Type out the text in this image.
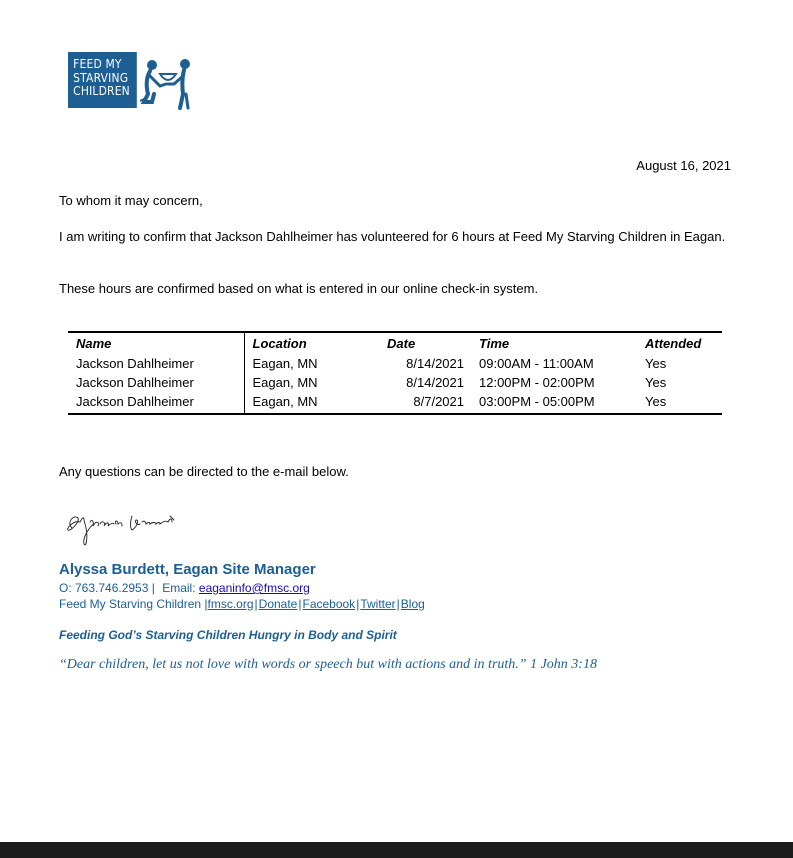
FEED MY
STARVING
CHILDREN
August 16, 2021
To whom it may concern,
I am writing to confirm that Jackson Dahlheimer has volunteered for 6 hours at Feed My Starving Children in Eagan.
These hours are confirmed based on what is entered in our online check-in system.
Name	Location	Date	Time	Attended
Jackson Dahlheimer	Eagan, MN	8/14/2021	09:00AM - 11:00AM	Yes
Jackson Dahlheimer	Eagan, MN	8/14/2021	12:00PM - 02:00PM	Yes
Jackson Dahlheimer	Eagan, MN	8/7/2021	03:00PM - 05:00PM	Yes
Any questions can be directed to the e-mail below.
Alyssa Burdett, Eagan Site Manager
O: 763.746.2953 | Email: eaganinfo@fmsc.org
Feed My Starving Children |fmsc.org|Donate|Facebook|Twitter|Blog
Feeding God’s Starving Children Hungry in Body and Spirit
“Dear children, let us not love with words or speech but with actions and in truth.” 1 John 3:18
